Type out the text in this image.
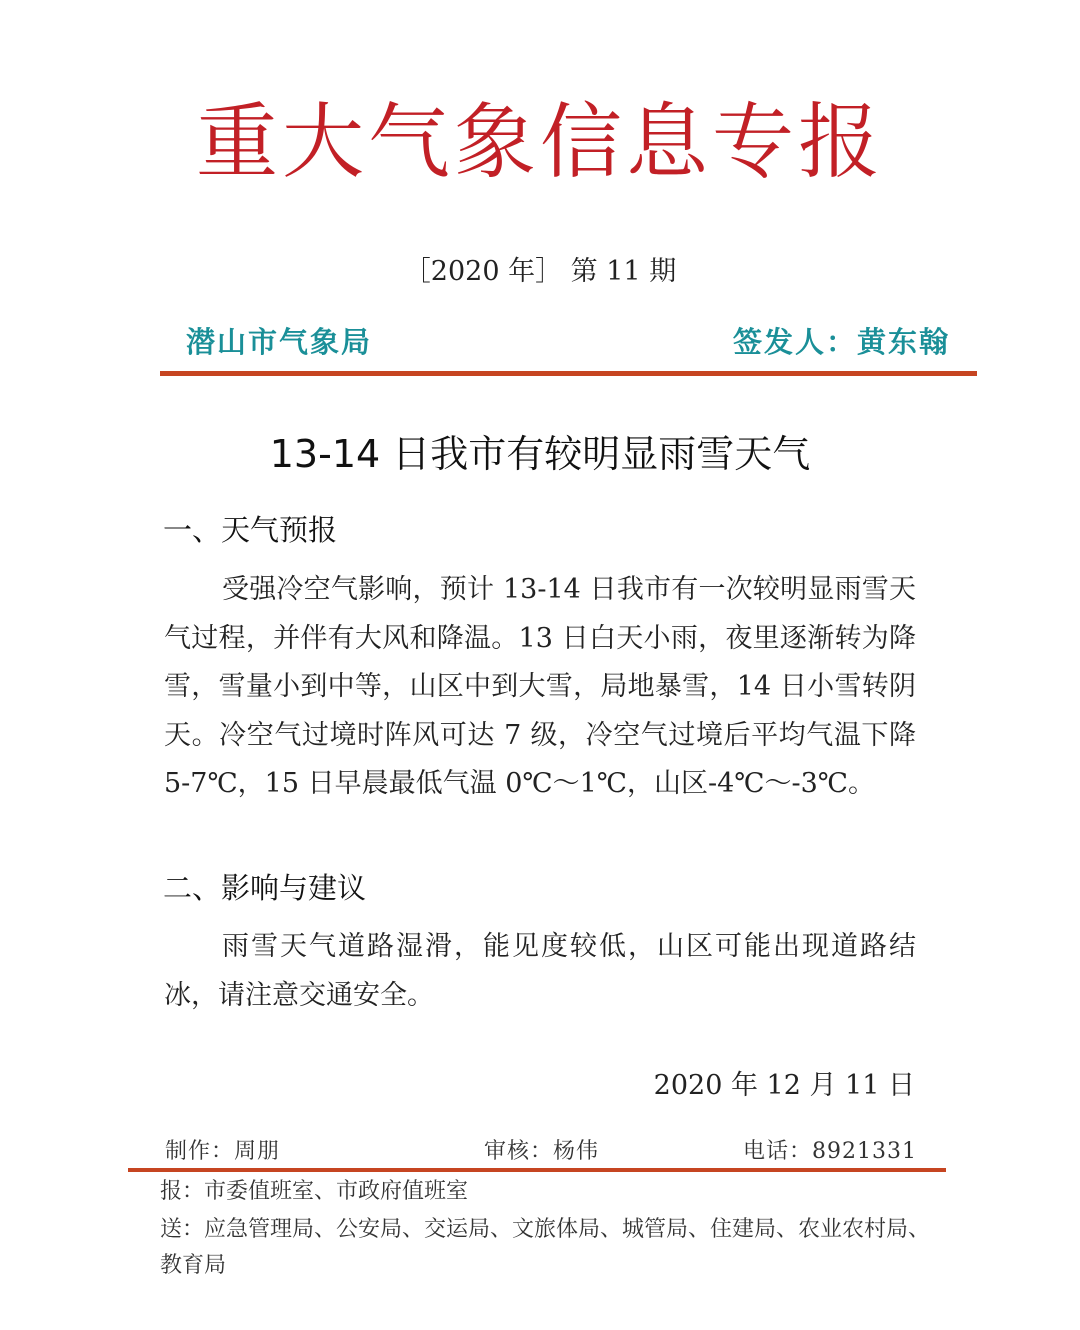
重大气象信息专报
［2020 年］ 第 11 期
潜山市气象局	签发人：黄东翰
13-14 日我市有较明显雨雪天气
一、天气预报
受强冷空气影响，预计 13-14 日我市有一次较明显雨雪天气过程，并伴有大风和降温。13 日白天小雨，夜里逐渐转为降雪，雪量小到中等，山区中到大雪，局地暴雪，14 日小雪转阴天。冷空气过境时阵风可达 7 级，冷空气过境后平均气温下降 5-7℃，15 日早晨最低气温 0℃～1℃，山区-4℃～-3℃。
二、影响与建议
雨雪天气道路湿滑，能见度较低，山区可能出现道路结冰，请注意交通安全。
2020 年 12 月 11 日
制作：周朋	审核：杨伟	电话：8921331
报：市委值班室、市政府值班室
送：应急管理局、公安局、交运局、文旅体局、城管局、住建局、农业农村局、教育局
